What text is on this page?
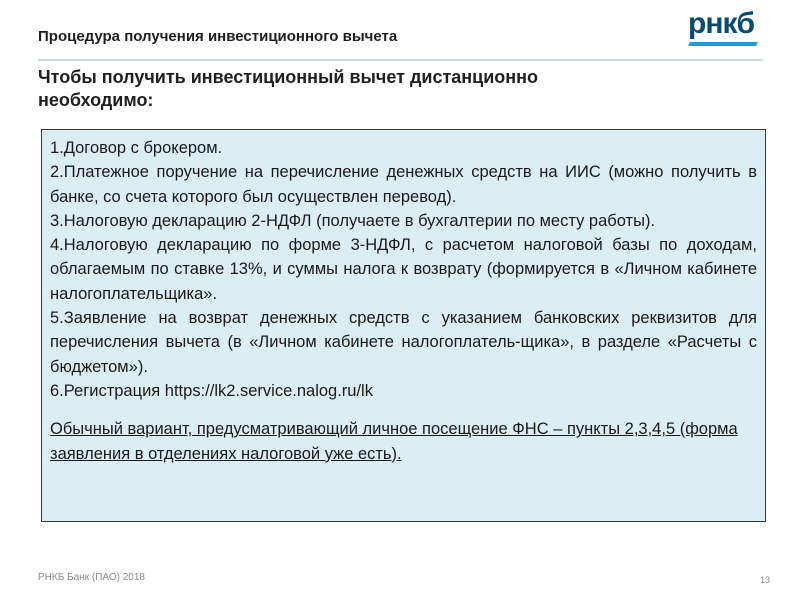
Процедура получения инвестиционного вычета	рнкб
Чтобы получить инвестиционный вычет дистанционно необходимо:
1.Договор с брокером.
2.Платежное поручение на перечисление денежных средств на ИИС (можно получить в банке, со счета которого был осуществлен перевод).
3.Налоговую декларацию 2-НДФЛ (получаете в бухгалтерии по месту работы).
4.Налоговую декларацию по форме 3-НДФЛ, с расчетом налоговой базы по доходам, облагаемым по ставке 13%, и суммы налога к возврату (формируется в «Личном кабинете налогоплательщика».
5.Заявление на возврат денежных средств с указанием банковских реквизитов для перечисления вычета (в «Личном кабинете налогоплатель-щика», в разделе «Расчеты с бюджетом»).
6.Регистрация https://lk2.service.nalog.ru/lk
Обычный вариант, предусматривающий личное посещение ФНС – пункты 2,3,4,5 (форма заявления в отделениях налоговой уже есть).
РНКБ Банк (ПАО) 2018	13
